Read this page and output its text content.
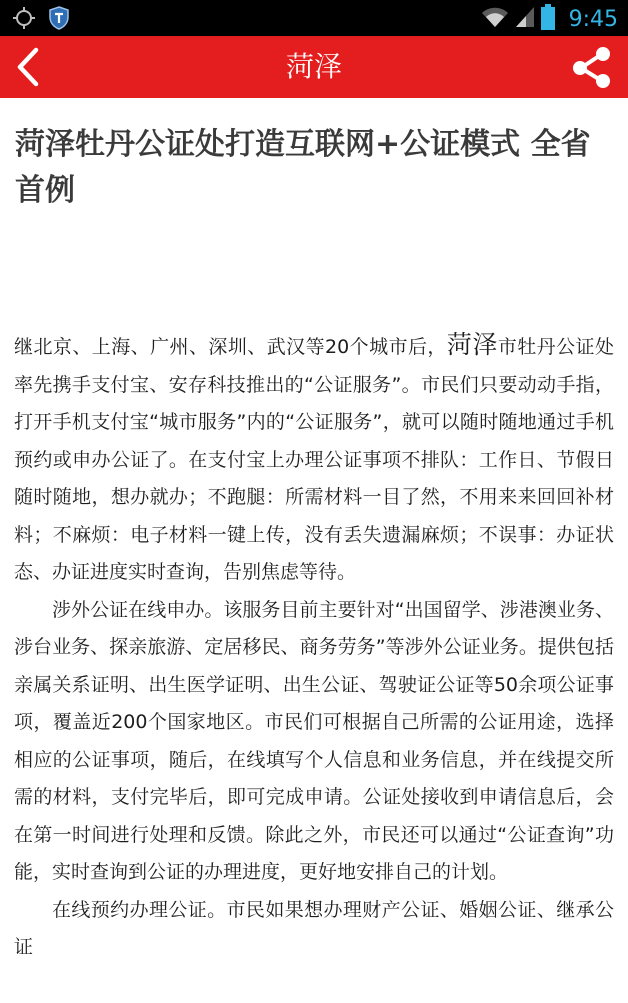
9:45
菏泽
菏泽牡丹公证处打造互联网+公证模式 全省首例

继北京、上海、广州、深圳、武汉等20个城市后，菏泽市牡丹公证处率先携手支付宝、安存科技推出的“公证服务”。市民们只要动动手指，打开手机支付宝“城市服务”内的“公证服务”，就可以随时随地通过手机预约或申办公证了。在支付宝上办理公证事项不排队：工作日、节假日随时随地，想办就办；不跑腿：所需材料一目了然，不用来来回回补材料；不麻烦：电子材料一键上传，没有丢失遗漏麻烦；不误事：办证状态、办证进度实时查询，告别焦虑等待。

涉外公证在线申办。该服务目前主要针对“出国留学、涉港澳业务、涉台业务、探亲旅游、定居移民、商务劳务”等涉外公证业务。提供包括亲属关系证明、出生医学证明、出生公证、驾驶证公证等50余项公证事项，覆盖近200个国家地区。市民们可根据自己所需的公证用途，选择相应的公证事项，随后，在线填写个人信息和业务信息，并在线提交所需的材料，支付完毕后，即可完成申请。公证处接收到申请信息后，会在第一时间进行处理和反馈。除此之外，市民还可以通过“公证查询”功能，实时查询到公证的办理进度，更好地安排自己的计划。

在线预约办理公证。市民如果想办理财产公证、婚姻公证、继承公证
